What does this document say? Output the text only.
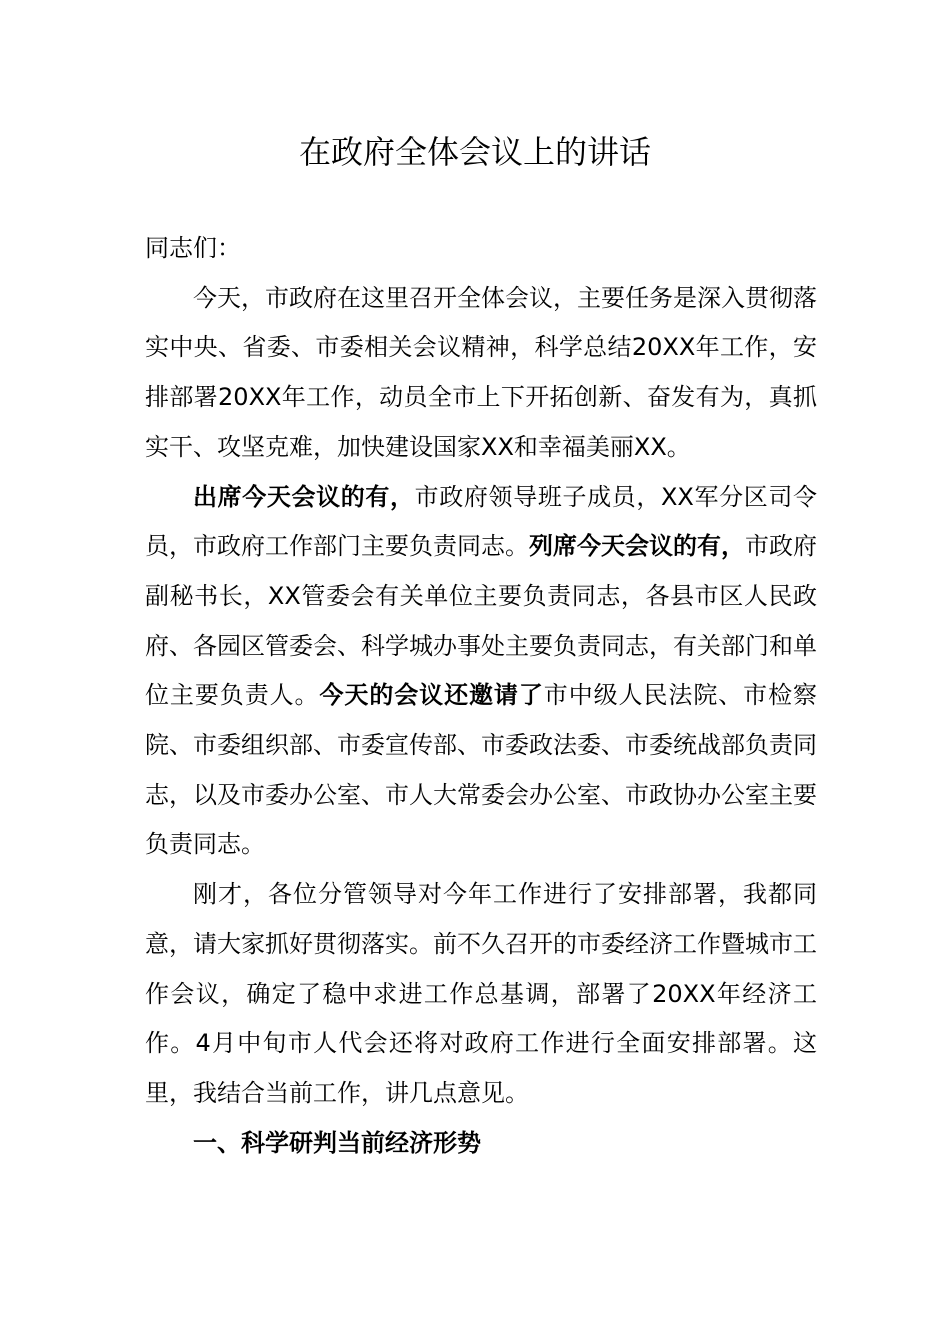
在政府全体会议上的讲话

同志们：

今天，市政府在这里召开全体会议，主要任务是深入贯彻落实中央、省委、市委相关会议精神，科学总结20XX年工作，安排部署20XX年工作，动员全市上下开拓创新、奋发有为，真抓实干、攻坚克难，加快建设国家XX和幸福美丽XX。

出席今天会议的有，市政府领导班子成员，XX军分区司令员，市政府工作部门主要负责同志。列席今天会议的有，市政府副秘书长，XX管委会有关单位主要负责同志，各县市区人民政府、各园区管委会、科学城办事处主要负责同志，有关部门和单位主要负责人。今天的会议还邀请了市中级人民法院、市检察院、市委组织部、市委宣传部、市委政法委、市委统战部负责同志，以及市委办公室、市人大常委会办公室、市政协办公室主要负责同志。

刚才，各位分管领导对今年工作进行了安排部署，我都同意，请大家抓好贯彻落实。前不久召开的市委经济工作暨城市工作会议，确定了稳中求进工作总基调，部署了20XX年经济工作。4月中旬市人代会还将对政府工作进行全面安排部署。这里，我结合当前工作，讲几点意见。

一、科学研判当前经济形势
